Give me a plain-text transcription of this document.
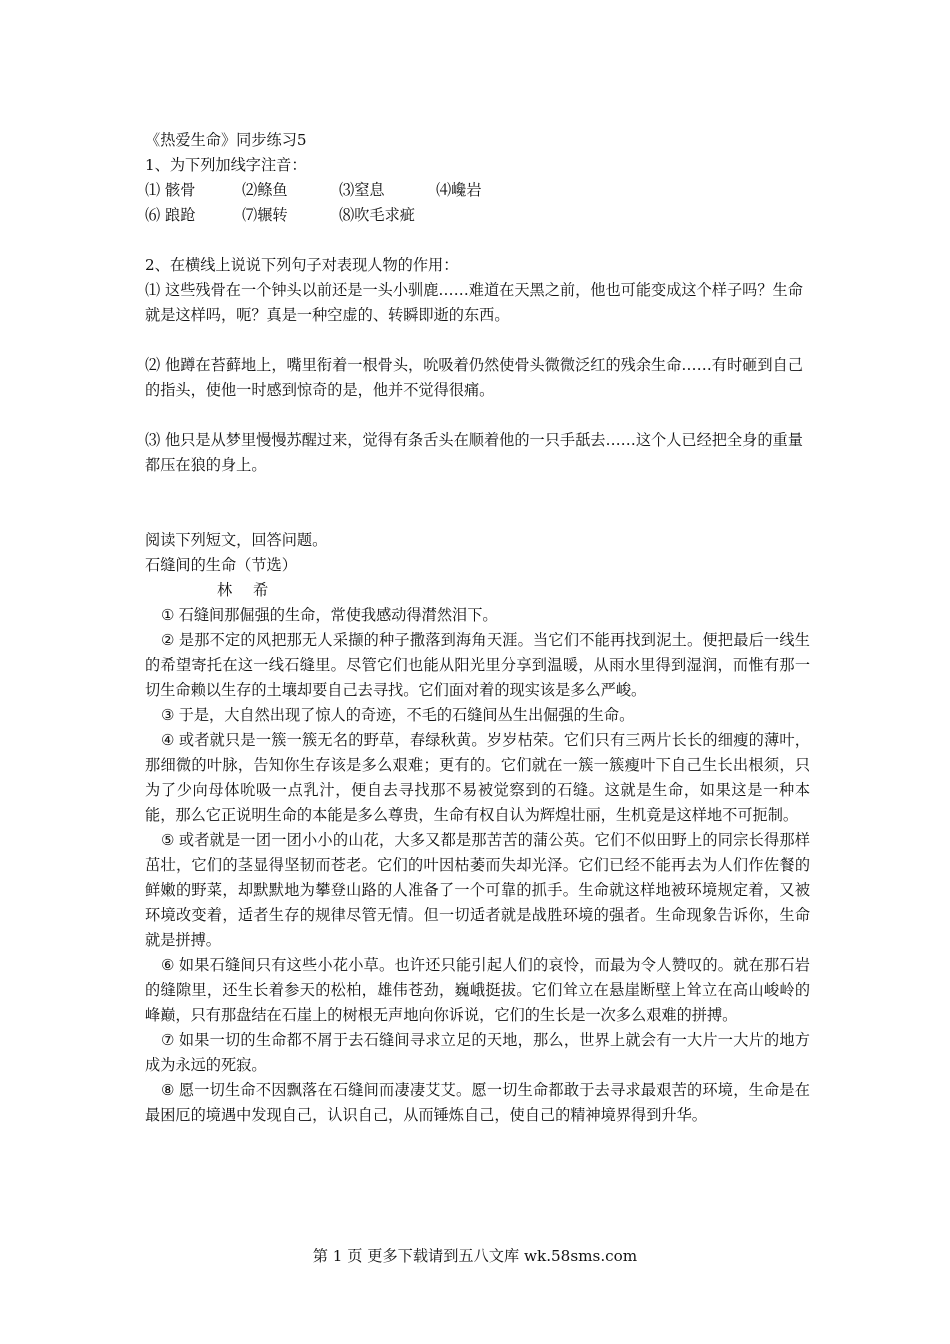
《热爱生命》同步练习5
1、为下列加线字注音：
⑴ 骸骨	⑵鲦鱼	⑶窒息	⑷巉岩
⑹ 踉跄	⑺辗转	⑻吹毛求疵
2、在横线上说说下列句子对表现人物的作用：

⑴ 这些残骨在一个钟头以前还是一头小驯鹿……难道在天黑之前，他也可能变成这个样子吗？生命就是这样吗，呃？真是一种空虚的、转瞬即逝的东西。

⑵ 他蹲在苔藓地上，嘴里衔着一根骨头，吮吸着仍然使骨头微微泛红的残余生命……有时砸到自己的指头，使他一时感到惊奇的是，他并不觉得很痛。

⑶ 他只是从梦里慢慢苏醒过来，觉得有条舌头在顺着他的一只手舐去……这个人已经把全身的重量都压在狼的身上。

阅读下列短文，回答问题。
石缝间的生命（节选）
林 希

① 石缝间那倔强的生命，常使我感动得潸然泪下。

② 是那不定的风把那无人采撷的种子撒落到海角天涯。当它们不能再找到泥土。便把最后一线生的希望寄托在这一线石缝里。尽管它们也能从阳光里分享到温暖，从雨水里得到湿润，而惟有那一切生命赖以生存的土壤却要自己去寻找。它们面对着的现实该是多么严峻。

③ 于是，大自然出现了惊人的奇迹，不毛的石缝间丛生出倔强的生命。

④ 或者就只是一簇一簇无名的野草，春绿秋黄。岁岁枯荣。它们只有三两片长长的细瘦的薄叶，那细微的叶脉，告知你生存该是多么艰难；更有的。它们就在一簇一簇瘦叶下自己生长出根须，只为了少向母体吮吸一点乳汁，便自去寻找那不易被觉察到的石缝。这就是生命，如果这是一种本能，那么它正说明生命的本能是多么尊贵，生命有权自认为辉煌壮丽，生机竟是这样地不可扼制。

⑤ 或者就是一团一团小小的山花，大多又都是那苦苦的蒲公英。它们不似田野上的同宗长得那样茁壮，它们的茎显得坚韧而苍老。它们的叶因枯萎而失却光泽。它们已经不能再去为人们作佐餐的鲜嫩的野菜，却默默地为攀登山路的人准备了一个可靠的抓手。生命就这样地被环境规定着，又被环境改变着，适者生存的规律尽管无情。但一切适者就是战胜环境的强者。生命现象告诉你，生命就是拼搏。

⑥ 如果石缝间只有这些小花小草。也许还只能引起人们的哀怜，而最为令人赞叹的。就在那石岩的缝隙里，还生长着参天的松柏，雄伟苍劲，巍峨挺拔。它们耸立在悬崖断壁上耸立在高山峻岭的峰巅，只有那盘结在石崖上的树根无声地向你诉说，它们的生长是一次多么艰难的拼搏。

⑦ 如果一切的生命都不屑于去石缝间寻求立足的天地，那么，世界上就会有一大片一大片的地方成为永远的死寂。

⑧ 愿一切生命不因飘落在石缝间而凄凄艾艾。愿一切生命都敢于去寻求最艰苦的环境，生命是在最困厄的境遇中发现自己，认识自己，从而锤炼自己，使自己的精神境界得到升华。

第 1 页 更多下载请到五八文库 wk.58sms.com
